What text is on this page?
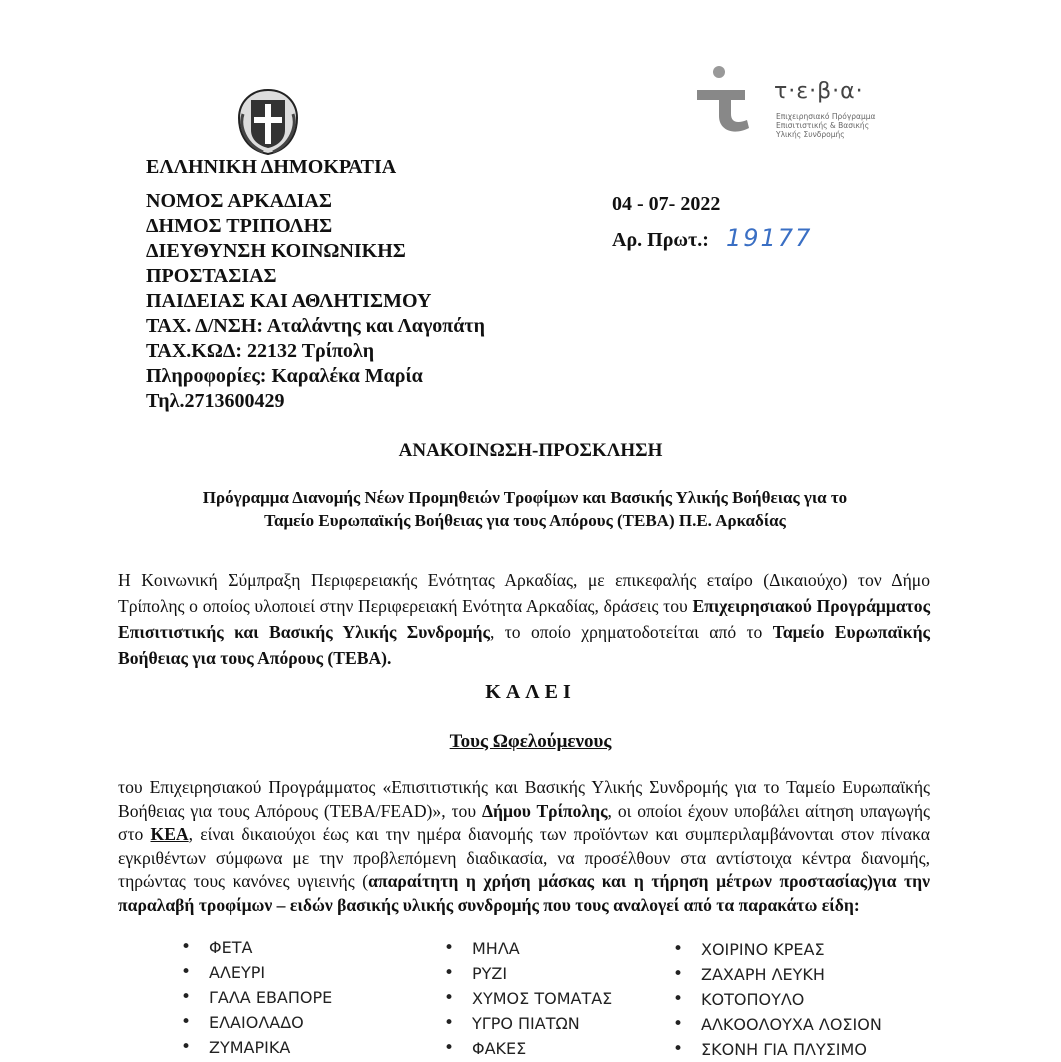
τ·ε·β·α·
Επιχειρησιακό Πρόγραμμα
Επισιτιστικής & Βασικής
Υλικής Συνδρομής
ΕΛΛΗΝΙΚΗ ΔΗΜΟΚΡΑΤΙΑ
ΝΟΜΟΣ ΑΡΚΑΔΙΑΣ
ΔΗΜΟΣ ΤΡΙΠΟΛΗΣ
ΔΙΕΥΘΥΝΣΗ ΚΟΙΝΩΝΙΚΗΣ
ΠΡΟΣΤΑΣΙΑΣ
ΠΑΙΔΕΙΑΣ ΚΑΙ ΑΘΛΗΤΙΣΜΟΥ
ΤΑΧ. Δ/ΝΣΗ: Αταλάντης και Λαγοπάτη
ΤΑΧ.ΚΩΔ: 22132 Τρίπολη
Πληροφορίες: Καραλέκα Μαρία
Τηλ.2713600429
04 - 07- 2022
Αρ. Πρωτ.: 19177
ΑΝΑΚΟΙΝΩΣΗ-ΠΡΟΣΚΛΗΣΗ
Πρόγραμμα Διανομής Νέων Προμηθειών Τροφίμων και Βασικής Υλικής Βοήθειας για το
Ταμείο Ευρωπαϊκής Βοήθειας για τους Απόρους (ΤΕΒΑ) Π.Ε. Αρκαδίας
Η Κοινωνική Σύμπραξη Περιφερειακής Ενότητας Αρκαδίας, με επικεφαλής εταίρο (Δικαιούχο) τον Δήμο Τρίπολης ο οποίος υλοποιεί στην Περιφερειακή Ενότητα Αρκαδίας, δράσεις του Επιχειρησιακού Προγράμματος Επισιτιστικής και Βασικής Υλικής Συνδρομής, το οποίο χρηματοδοτείται από το Ταμείο Ευρωπαϊκής Βοήθειας για τους Απόρους (ΤΕΒΑ).
ΚΑΛΕΙ
Τους Ωφελούμενους
του Επιχειρησιακού Προγράμματος «Επισιτιστικής και Βασικής Υλικής Συνδρομής για το Ταμείο Ευρωπαϊκής Βοήθειας για τους Απόρους (ΤΕΒΑ/FEAD)», του Δήμου Τρίπολης, οι οποίοι έχουν υποβάλει αίτηση υπαγωγής στο ΚΕΑ, είναι δικαιούχοι έως και την ημέρα διανομής των προϊόντων και συμπεριλαμβάνονται στον πίνακα εγκριθέντων σύμφωνα με την προβλεπόμενη διαδικασία, να προσέλθουν στα αντίστοιχα κέντρα διανομής, τηρώντας τους κανόνες υγιεινής (απαραίτητη η χρήση μάσκας και η τήρηση μέτρων προστασίας)για την παραλαβή τροφίμων – ειδών βασικής υλικής συνδρομής που τους αναλογεί από τα παρακάτω είδη:
• ΦΕΤΑ
• ΑΛΕΥΡΙ
• ΓΑΛΑ ΕΒΑΠΟΡΕ
• ΕΛΑΙΟΛΑΔΟ
• ΖΥΜΑΡΙΚΑ
• ΜΗΛΑ
• ΡΥΖΙ
• ΧΥΜΟΣ ΤΟΜΑΤΑΣ
• ΥΓΡΟ ΠΙΑΤΩΝ
• ΦΑΚΕΣ
• ΧΟΙΡΙΝΟ ΚΡΕΑΣ
• ΖΑΧΑΡΗ ΛΕΥΚΗ
• ΚΟΤΟΠΟΥΛΟ
• ΑΛΚΟΟΛΟΥΧΑ ΛΟΣΙΟΝ
• ΣΚΟΝΗ ΓΙΑ ΠΛΥΣΙΜΟ
